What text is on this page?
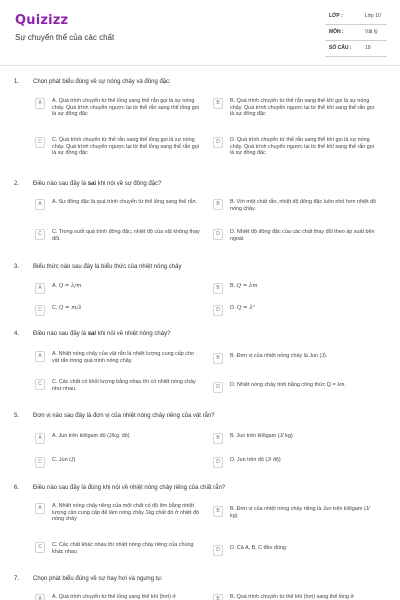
Quizizz
Sự chuyển thể của các chất
LỚP :	Lớp 10
MÔN :	Vật lý
SỐ CÂU :	19
1. Chọn phát biểu đúng về sự nóng chảy và đông đặc:
A	A. Quá trình chuyển từ thể lỏng sang thể rắn gọi là sự nóng chảy. Quá trình chuyển ngược lại từ thể rắn sang thể lỏng gọi là sự đông đặc
B	B. Quá trình chuyển từ thể rắn sang thể khí gọi là sự nóng chảy. Quá trình chuyển ngược lại từ thể khí sang thể rắn gọi là sự đông đặc
C	C. Quá trình chuyển từ thể rắn sang thể lỏng gọi là sự nóng chảy. Quá trình chuyển ngược lại từ thể lỏng sang thể rắn gọi là sự đông đặc
D	D. Quá trình chuyển từ thể rắn sang thể khí gọi là sự nóng chảy. Quá trình chuyển ngược lại từ thể khí sang thể rắn gọi là sự đông đặc
2. Điều nào sau đây là sai khi nói về sự đông đặc?
A	A. Sự đông đặc là quá trình chuyển từ thể lỏng sang thể rắn.	B	B. Với một chất rắn, nhiệt độ đông đặc luôn nhỏ hơn nhiệt độ nóng chảy.
C	C. Trong suốt quá trình đông đặc, nhiệt độ của vật không thay đổi.
D	D. Nhiệt độ đông đặc của các chất thay đổi theo áp suất bên ngoài.
3. Biểu thức nào sau đây là biểu thức của nhiệt nóng chảy
A	A. Q = λ/m	B	B. Q = λm
C	C. Q = m/λ	D	D. Q = λ²
4. Điều nào sau đây là sai khi nói về nhiệt nóng chảy?
A	A. Nhiệt nóng chảy của vật rắn là nhiệt lượng cung cấp cho vật rắn trong quá trình nóng chảy.	B	B. Đơn vị của nhiệt nóng chảy là Jun (J).
C	C. Các chất có khối lượng bằng nhau thì có nhiệt nóng chảy như nhau.	D	D. Nhiệt nóng chảy tính bằng công thức Q = λm.
5. Đơn vị nào sau đây là đơn vị của nhiệt nóng chảy riêng của vật rắn?
A	A. Jun trên kilôgam độ (J/kg. độ)	B	B. Jun trên kilôgam (J/ kg)
C	C. Jun (J)	D	D. Jun trên độ (J/ độ)
6. Điều nào sau đây là đúng khi nói về nhiệt nóng chảy riêng của chất rắn?
A	A. Nhiệt nóng chảy riêng của một chất có độ lớn bằng nhiệt lượng cần cung cấp để làm nóng chảy 1kg chất đó ở nhiệt độ nóng chảy
B	B. Đơn vị của nhiệt nóng chảy riêng là Jun trên kilôgam (J/ kg)
C	C. Các chất khác nhau thì nhiệt nóng chảy riêng của chúng khác nhau	D	D. Cả A, B, C đều đúng
7. Chọn phát biểu đúng về sự hay hơi và ngưng tụ:
A	A. Quá trình chuyển từ thể lỏng sang thể khí (hơi) ở	B	B. Quá trình chuyển từ thể khí (hơi) sang thể lỏng ở
